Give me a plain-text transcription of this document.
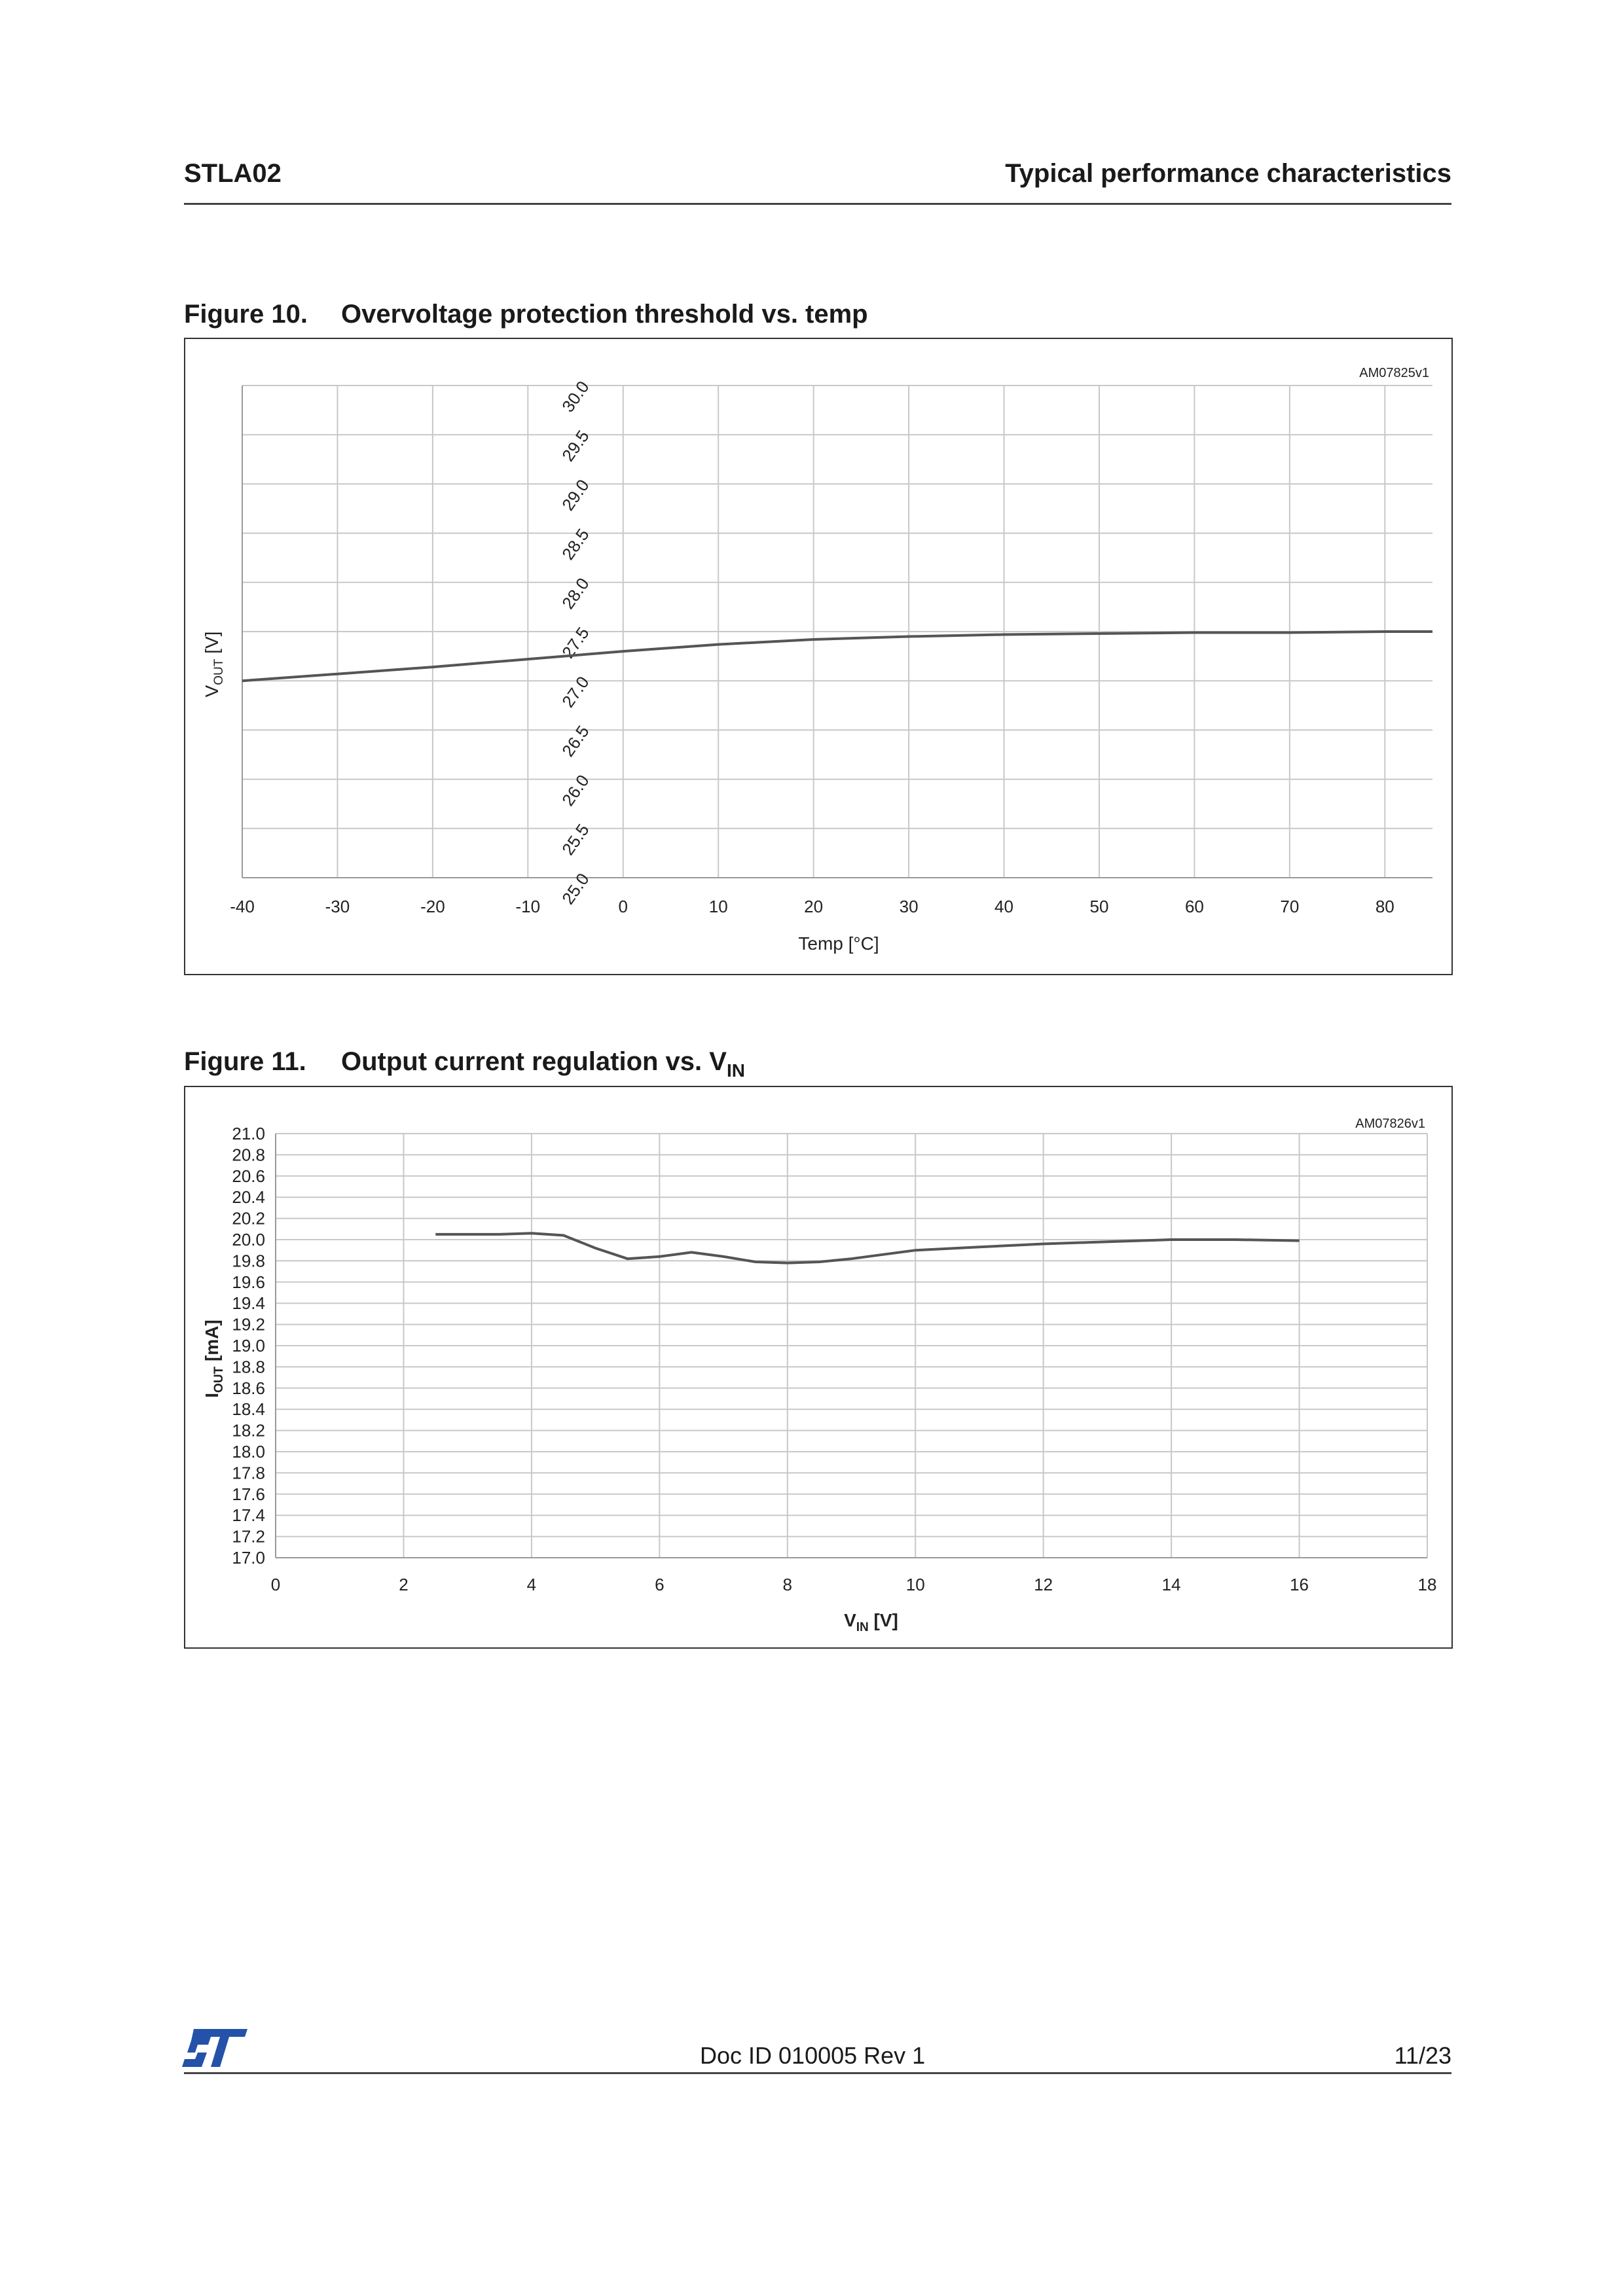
STLA02	Typical performance characteristics
Figure 10. Overvoltage protection threshold vs. temp
AM07825v1
-40	-30	-20	-10	0	10	20	30	40	50	60	70	80
25.0
25.5
26.0
26.5
27.0
27.5
28.0
28.5
29.0
29.5
30.0
Temp [°C]
$V_{OUT}$ [V]
Figure 11. Output current regulation vs. $V_{IN}$
AM07826v1
17.0
17.2
17.4
17.6
17.8
18.0
18.2
18.4
18.6
18.8
19.0
19.2
19.4
19.6
19.8
20.0
20.2
20.4
20.6
20.8
21.0
0	2	4	6	8	10	12	14	16	18
$V_{IN}$ [V]
$I_{OUT}$ [mA]
Doc ID 010005 Rev 1	11/23
